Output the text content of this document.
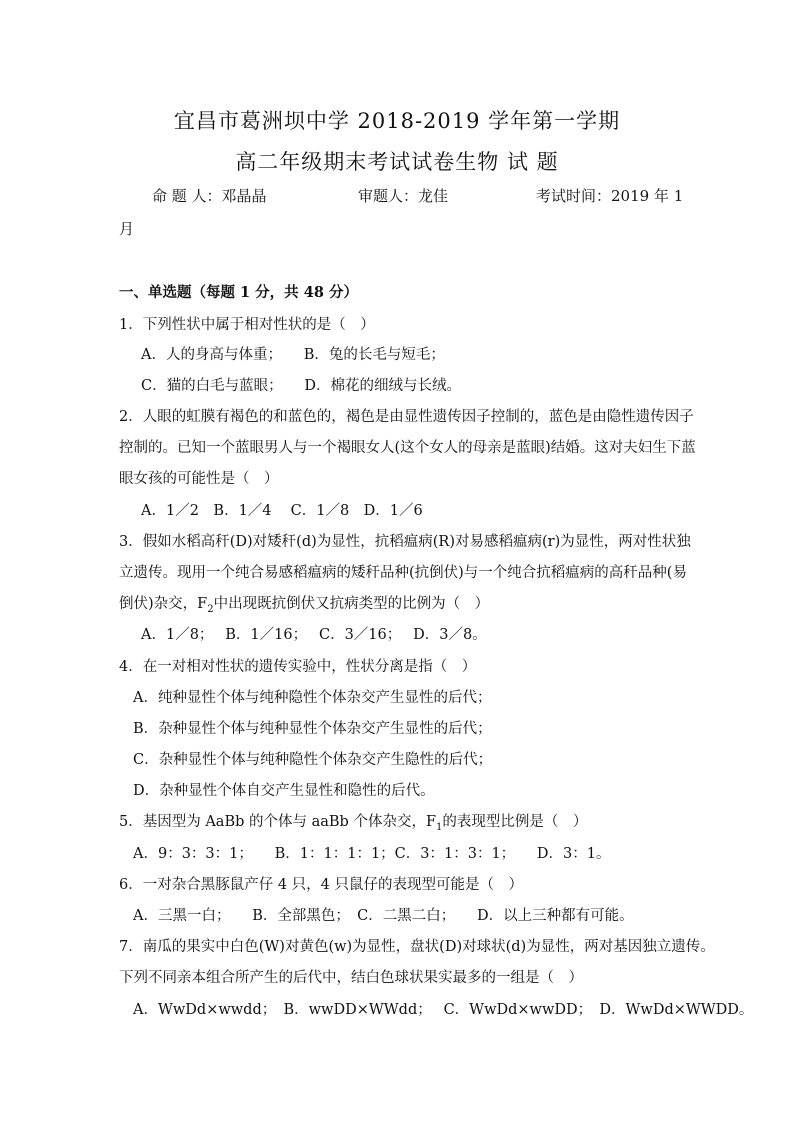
宜昌市葛洲坝中学 2018-2019 学年第一学期
高二年级期末考试试卷生物 试 题
命 题 人：邓晶晶	审题人：龙佳	考试时间：2019 年 1
月
一、单选题（每题 1 分，共 48 分）
1．下列性状中属于相对性状的是（　）
A．人的身高与体重；　　B．兔的长毛与短毛；
C．猫的白毛与蓝眼；　　D．棉花的细绒与长绒。
2．人眼的虹膜有褐色的和蓝色的，褐色是由显性遗传因子控制的，蓝色是由隐性遗传因子
控制的。已知一个蓝眼男人与一个褐眼女人(这个女人的母亲是蓝眼)结婚。这对夫妇生下蓝
眼女孩的可能性是（　）
A．1／2　B．1／4　 C．1／8　D．1／6
3．假如水稻高秆(D)对矮秆(d)为显性，抗稻瘟病(R)对易感稻瘟病(r)为显性，两对性状独
立遗传。现用一个纯合易感稻瘟病的矮秆品种(抗倒伏)与一个纯合抗稻瘟病的高秆品种(易
倒伏)杂交，$F_2$中出现既抗倒伏又抗病类型的比例为（　）
A．1／8；　 B．1／16；　 C．3／16；　 D．3／8。
4．在一对相对性状的遗传实验中，性状分离是指（　）
A．纯种显性个体与纯种隐性个体杂交产生显性的后代；
B．杂种显性个体与纯种显性个体杂交产生显性的后代；
C．杂种显性个体与纯种隐性个体杂交产生隐性的后代；
D．杂种显性个体自交产生显性和隐性的后代。
5．基因型为 AaBb 的个体与 aaBb 个体杂交，$F_1$的表现型比例是（　）
A．9：3：3：1；　　B．1：1：1：1；C．3：1：3：1；　　D．3：1。
6．一对杂合黑豚鼠产仔 4 只，4 只鼠仔的表现型可能是（　）
A．三黑一白；　　B．全部黑色；　C．二黑二白；　　D．以上三种都有可能。
7．南瓜的果实中白色(W)对黄色(w)为显性，盘状(D)对球状(d)为显性，两对基因独立遗传。
下列不同亲本组合所产生的后代中，结白色球状果实最多的一组是（　）
A．WwDd×wwdd；　B．wwDD×WWdd；　 C．WwDd×wwDD；　D．WwDd×WWDD。
